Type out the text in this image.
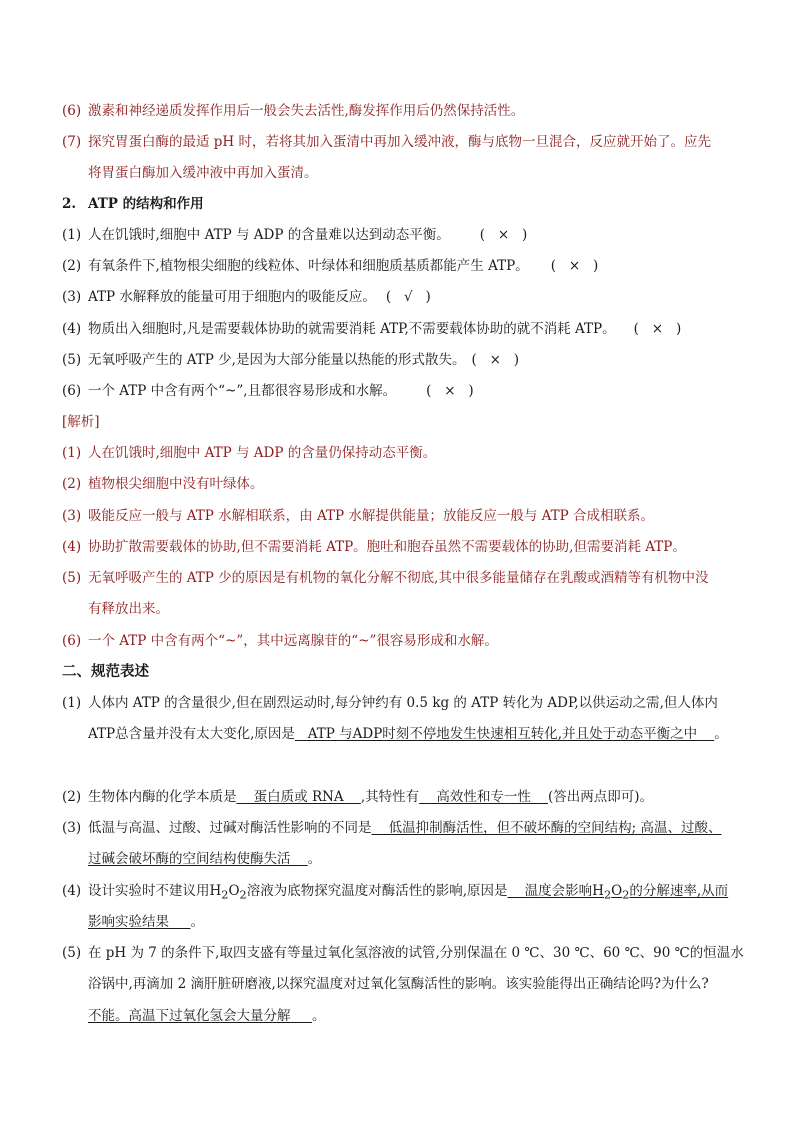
(6) 激素和神经递质发挥作用后一般会失去活性,酶发挥作用后仍然保持活性。
(7) 探究胃蛋白酶的最适 pH 时，若将其加入蛋清中再加入缓冲液，酶与底物一旦混合，反应就开始了。应先
将胃蛋白酶加入缓冲液中再加入蛋清。
2. ATP 的结构和作用
(1) 人在饥饿时,细胞中 ATP 与 ADP 的含量难以达到动态平衡。 (   ×   )
(2) 有氧条件下,植物根尖细胞的线粒体、叶绿体和细胞质基质都能产生 ATP。 (   ×   )
(3) ATP 水解释放的能量可用于细胞内的吸能反应。 (   √   )
(4) 物质出入细胞时,凡是需要载体协助的就需要消耗 ATP,不需要载体协助的就不消耗 ATP。 (   ×   )
(5) 无氧呼吸产生的 ATP 少,是因为大部分能量以热能的形式散失。 (   ×   )
(6) 一个 ATP 中含有两个“~”,且都很容易形成和水解。 (   ×   )
[解析]
(1) 人在饥饿时,细胞中 ATP 与 ADP 的含量仍保持动态平衡。
(2) 植物根尖细胞中没有叶绿体。
(3) 吸能反应一般与 ATP 水解相联系，由 ATP 水解提供能量；放能反应一般与 ATP 合成相联系。
(4) 协助扩散需要载体的协助,但不需要消耗 ATP。胞吐和胞吞虽然不需要载体的协助,但需要消耗 ATP。
(5) 无氧呼吸产生的 ATP 少的原因是有机物的氧化分解不彻底,其中很多能量储存在乳酸或酒精等有机物中没
有释放出来。
(6) 一个 ATP 中含有两个“~”，其中远离腺苷的“~”很容易形成和水解。
二、规范表述
(1) 人体内 ATP 的含量很少,但在剧烈运动时,每分钟约有 0.5 kg 的 ATP 转化为 ADP,以供运动之需,但人体内
ATP总含量并没有太大变化,原因是   ATP 与ADP时刻不停地发生快速相互转化,并且处于动态平衡之中    。
(2) 生物体内酶的化学本质是    蛋白质或 RNA    ,其特性有    高效性和专一性    (答出两点即可)。
(3) 低温与高温、过酸、过碱对酶活性影响的不同是    低温抑制酶活性，但不破坏酶的空间结构; 高温、过酸、
过碱会破坏酶的空间结构使酶失活    。
(4) 设计实验时不建议用$H_2O_2$溶液为底物探究温度对酶活性的影响,原因是    温度会影响$H_2O_2$的分解速率,从而
影响实验结果     。
(5) 在 pH 为 7 的条件下,取四支盛有等量过氧化氢溶液的试管,分别保温在 0 ℃、30 ℃、60 ℃、90 ℃的恒温水
浴锅中,再滴加 2 滴肝脏研磨液,以探究温度对过氧化氢酶活性的影响。该实验能得出正确结论吗?为什么?
不能。高温下过氧化氢会大量分解     。
